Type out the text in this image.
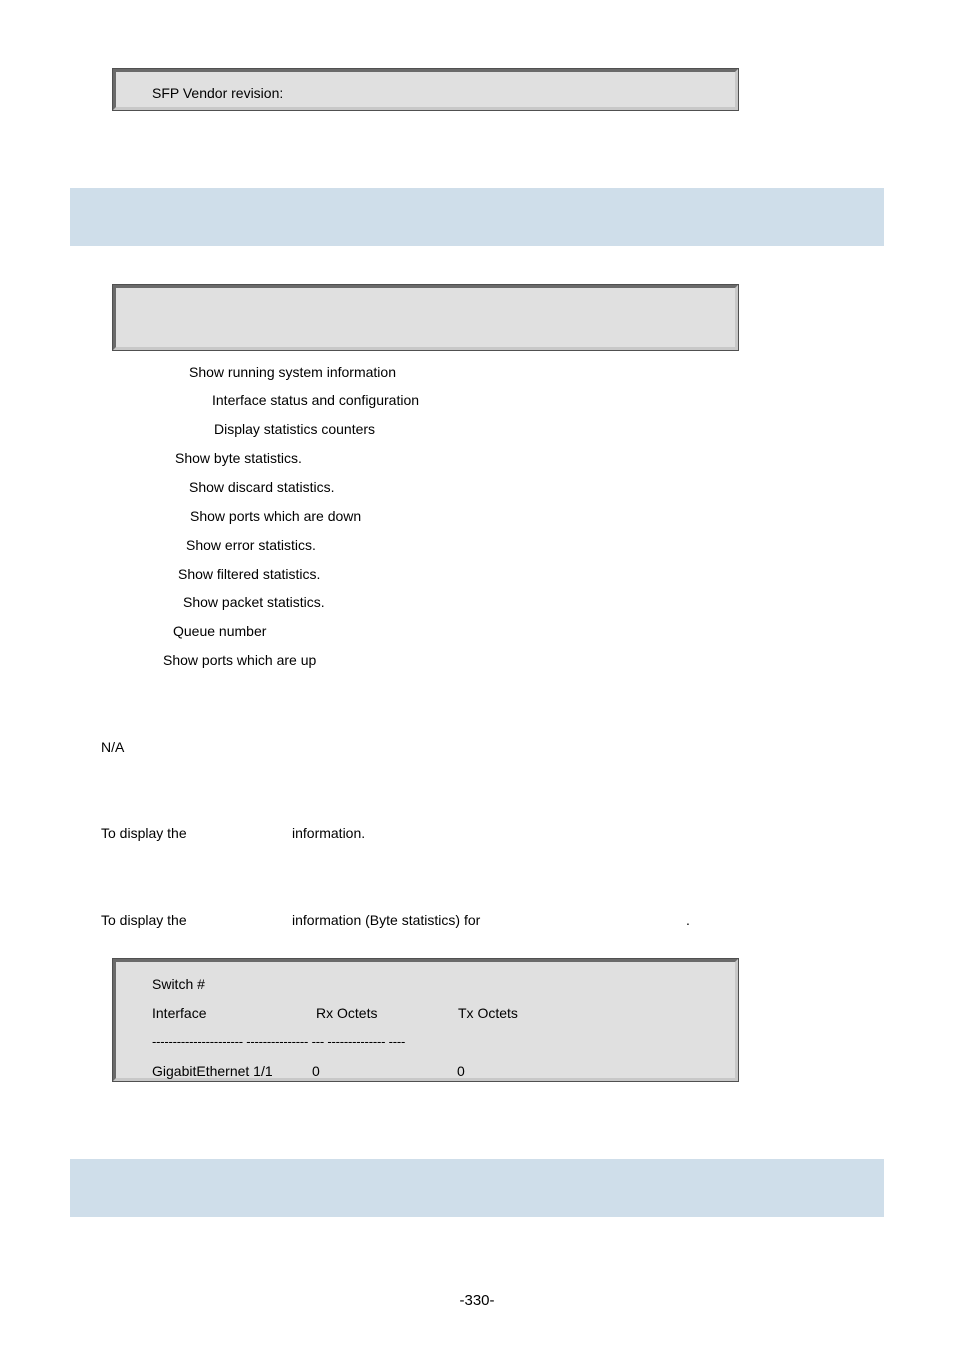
SFP Vendor revision:
Show running system information
Interface status and configuration
Display statistics counters
Show byte statistics.
Show discard statistics.
Show ports which are down
Show error statistics.
Show filtered statistics.
Show packet statistics.
Queue number
Show ports which are up
N/A
To display the	information.
To display the	information (Byte statistics) for	.
Switch #
Interface	Rx Octets	Tx Octets
---------------------- --------------- --- -------------- ----
GigabitEthernet 1/1	0	0
-330-
